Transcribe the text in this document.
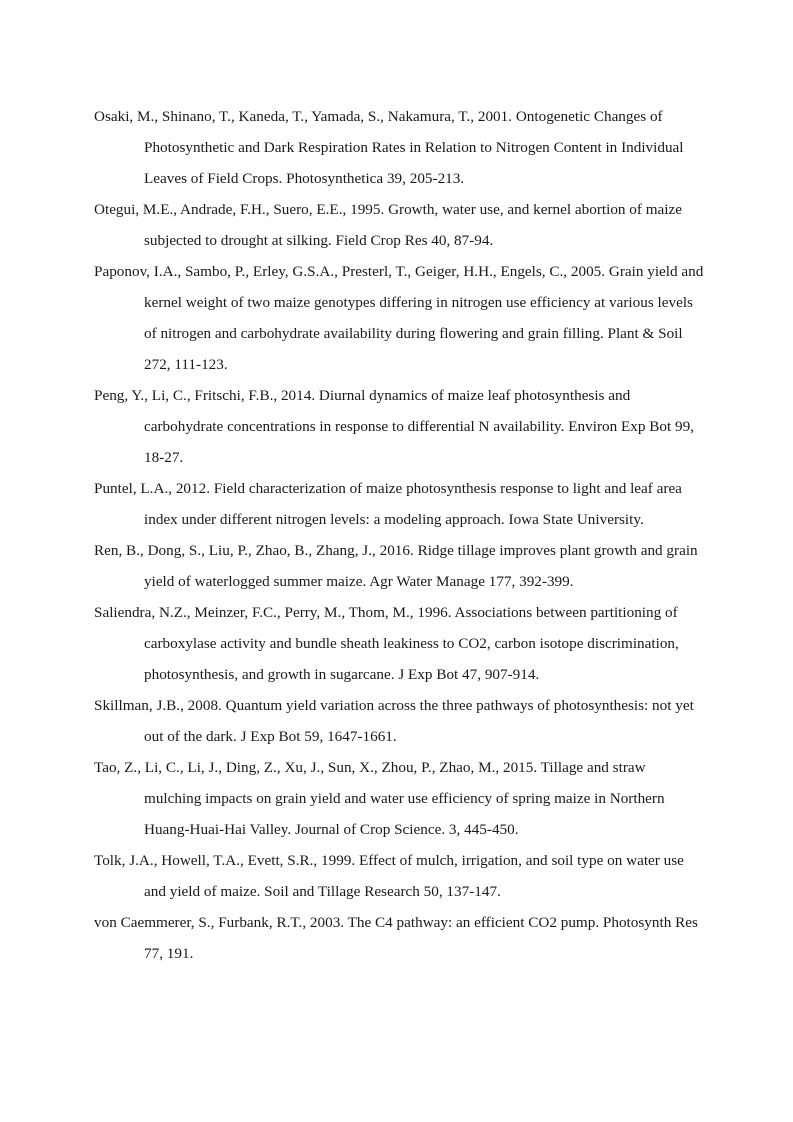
Osaki, M., Shinano, T., Kaneda, T., Yamada, S., Nakamura, T., 2001. Ontogenetic Changes of Photosynthetic and Dark Respiration Rates in Relation to Nitrogen Content in Individual Leaves of Field Crops. Photosynthetica 39, 205-213.

Otegui, M.E., Andrade, F.H., Suero, E.E., 1995. Growth, water use, and kernel abortion of maize subjected to drought at silking. Field Crop Res 40, 87-94.

Paponov, I.A., Sambo, P., Erley, G.S.A., Presterl, T., Geiger, H.H., Engels, C., 2005. Grain yield and kernel weight of two maize genotypes differing in nitrogen use efficiency at various levels of nitrogen and carbohydrate availability during flowering and grain filling. Plant & Soil 272, 111-123.

Peng, Y., Li, C., Fritschi, F.B., 2014. Diurnal dynamics of maize leaf photosynthesis and carbohydrate concentrations in response to differential N availability. Environ Exp Bot 99, 18-27.

Puntel, L.A., 2012. Field characterization of maize photosynthesis response to light and leaf area index under different nitrogen levels: a modeling approach. Iowa State University.

Ren, B., Dong, S., Liu, P., Zhao, B., Zhang, J., 2016. Ridge tillage improves plant growth and grain yield of waterlogged summer maize. Agr Water Manage 177, 392-399.

Saliendra, N.Z., Meinzer, F.C., Perry, M., Thom, M., 1996. Associations between partitioning of carboxylase activity and bundle sheath leakiness to CO2, carbon isotope discrimination, photosynthesis, and growth in sugarcane. J Exp Bot 47, 907-914.

Skillman, J.B., 2008. Quantum yield variation across the three pathways of photosynthesis: not yet out of the dark. J Exp Bot 59, 1647-1661.

Tao, Z., Li, C., Li, J., Ding, Z., Xu, J., Sun, X., Zhou, P., Zhao, M., 2015. Tillage and straw mulching impacts on grain yield and water use efficiency of spring maize in Northern Huang-Huai-Hai Valley. Journal of Crop Science. 3, 445-450.

Tolk, J.A., Howell, T.A., Evett, S.R., 1999. Effect of mulch, irrigation, and soil type on water use and yield of maize. Soil and Tillage Research 50, 137-147.

von Caemmerer, S., Furbank, R.T., 2003. The C4 pathway: an efficient CO2 pump. Photosynth Res 77, 191.
